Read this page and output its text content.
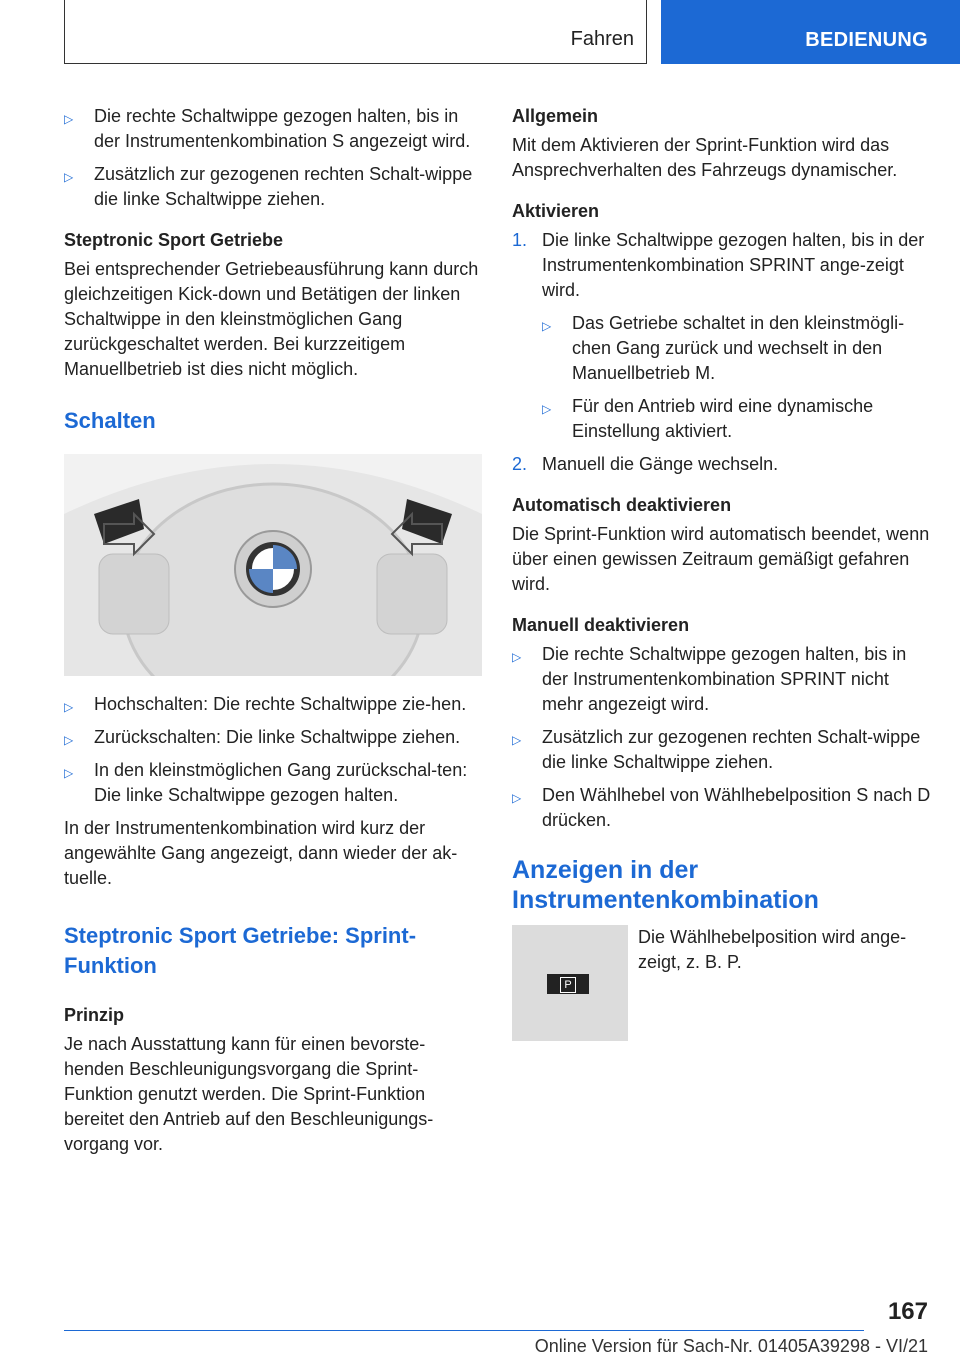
Fahren	BEDIENUNG
▷ Die rechte Schaltwippe gezogen halten, bis in der Instrumentenkombination S angezeigt wird.
▷ Zusätzlich zur gezogenen rechten Schalt‐wippe die linke Schaltwippe ziehen.
Steptronic Sport Getriebe

Bei entsprechender Getriebeausführung kann durch gleichzeitigen Kick-down und Betätigen der linken Schaltwippe in den kleinstmöglichen Gang zurückgeschaltet werden. Bei kurzzeitigem Manuellbetrieb ist dies nicht möglich.

Schalten
▷ Hochschalten: Die rechte Schaltwippe zie‐hen.
▷ Zurückschalten: Die linke Schaltwippe ziehen.
▷ In den kleinstmöglichen Gang zurückschal‐ten: Die linke Schaltwippe gezogen halten.

In der Instrumentenkombination wird kurz der angewählte Gang angezeigt, dann wieder der ak‐tuelle.

Steptronic Sport Getriebe: Sprint-Funktion
Prinzip

Je nach Ausstattung kann für einen bevorste‐henden Beschleunigungsvorgang die Sprint-Funktion genutzt werden. Die Sprint-Funktion bereitet den Antrieb auf den Beschleunigungs‐vorgang vor.

Allgemein

Mit dem Aktivieren der Sprint-Funktion wird das Ansprechverhalten des Fahrzeugs dynamischer.

Aktivieren
1. Die linke Schaltwippe gezogen halten, bis in der Instrumentenkombination SPRINT ange‐zeigt wird.
▷ Das Getriebe schaltet in den kleinstmögli‐chen Gang zurück und wechselt in den Manuellbetrieb M.
▷ Für den Antrieb wird eine dynamische Einstellung aktiviert.
2. Manuell die Gänge wechseln.
Automatisch deaktivieren

Die Sprint-Funktion wird automatisch beendet, wenn über einen gewissen Zeitraum gemäßigt gefahren wird.

Manuell deaktivieren
▷ Die rechte Schaltwippe gezogen halten, bis in der Instrumentenkombination SPRINT nicht mehr angezeigt wird.
▷ Zusätzlich zur gezogenen rechten Schalt‐wippe die linke Schaltwippe ziehen.
▷ Den Wählhebel von Wählhebelposition S nach D drücken.
Anzeigen in der Instrumentenkombination
P
Die Wählhebelposition wird ange‐zeigt, z. B. P.
167
Online Version für Sach-Nr. 01405A39298 - VI/21
